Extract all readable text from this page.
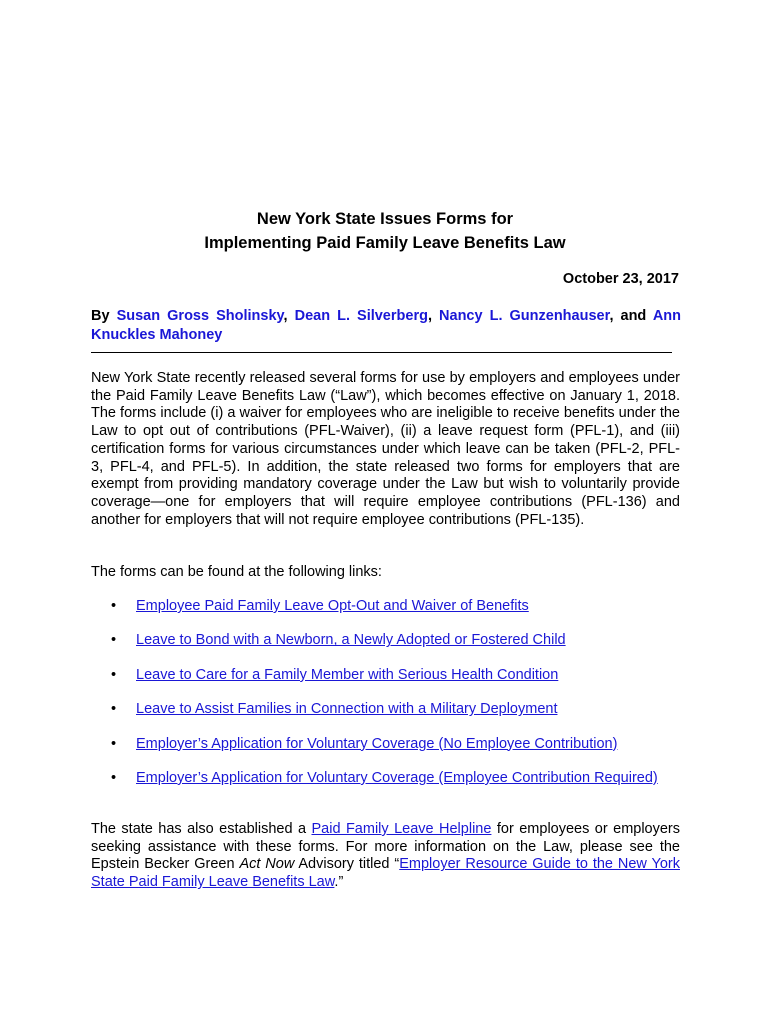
New York State Issues Forms for
Implementing Paid Family Leave Benefits Law
October 23, 2017
By Susan Gross Sholinsky, Dean L. Silverberg, Nancy L. Gunzenhauser, and Ann Knuckles Mahoney
New York State recently released several forms for use by employers and employees under the Paid Family Leave Benefits Law (“Law”), which becomes effective on January 1, 2018. The forms include (i) a waiver for employees who are ineligible to receive benefits under the Law to opt out of contributions (PFL-Waiver), (ii) a leave request form (PFL-1), and (iii) certification forms for various circumstances under which leave can be taken (PFL-2, PFL-3, PFL-4, and PFL-5). In addition, the state released two forms for employers that are exempt from providing mandatory coverage under the Law but wish to voluntarily provide coverage—one for employers that will require employee contributions (PFL-136) and another for employers that will not require employee contributions (PFL-135).
The forms can be found at the following links:
• Employee Paid Family Leave Opt-Out and Waiver of Benefits
• Leave to Bond with a Newborn, a Newly Adopted or Fostered Child
• Leave to Care for a Family Member with Serious Health Condition
• Leave to Assist Families in Connection with a Military Deployment
• Employer’s Application for Voluntary Coverage (No Employee Contribution)
• Employer’s Application for Voluntary Coverage (Employee Contribution Required)
The state has also established a Paid Family Leave Helpline for employees or employers seeking assistance with these forms. For more information on the Law, please see the Epstein Becker Green Act Now Advisory titled “Employer Resource Guide to the New York State Paid Family Leave Benefits Law.”
